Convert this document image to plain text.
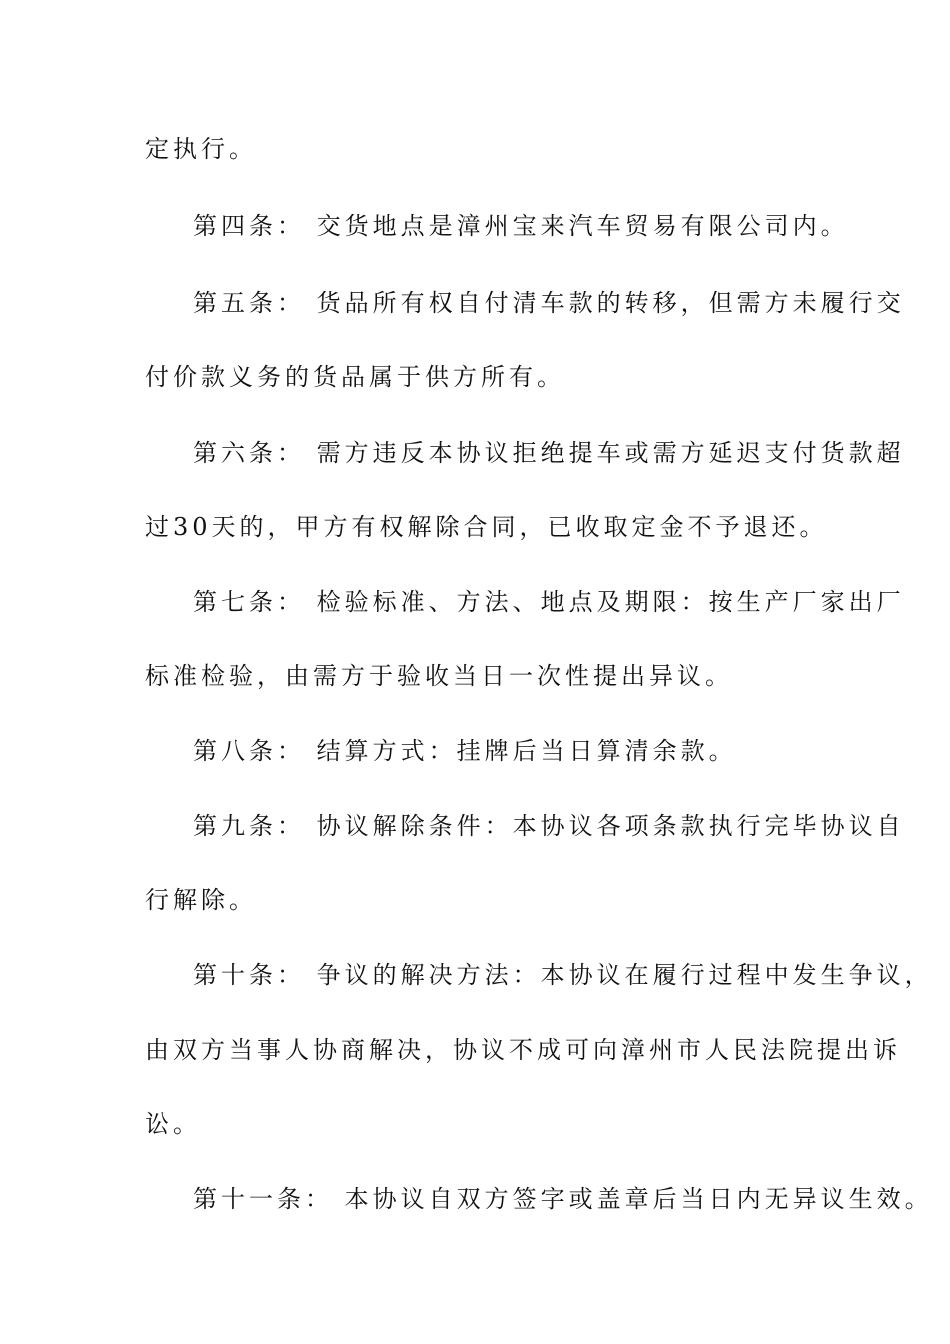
定执行。
第四条： 交货地点是漳州宝来汽车贸易有限公司内。
第五条： 货品所有权自付清车款的转移，但需方未履行交
付价款义务的货品属于供方所有。
第六条： 需方违反本协议拒绝提车或需方延迟支付货款超
过30天的，甲方有权解除合同，已收取定金不予退还。
第七条： 检验标准、方法、地点及期限：按生产厂家出厂
标准检验，由需方于验收当日一次性提出异议。
第八条： 结算方式：挂牌后当日算清余款。
第九条： 协议解除条件：本协议各项条款执行完毕协议自
行解除。
第十条： 争议的解决方法：本协议在履行过程中发生争议，
由双方当事人协商解决，协议不成可向漳州市人民法院提出诉
讼。
第十一条： 本协议自双方签字或盖章后当日内无异议生效。
